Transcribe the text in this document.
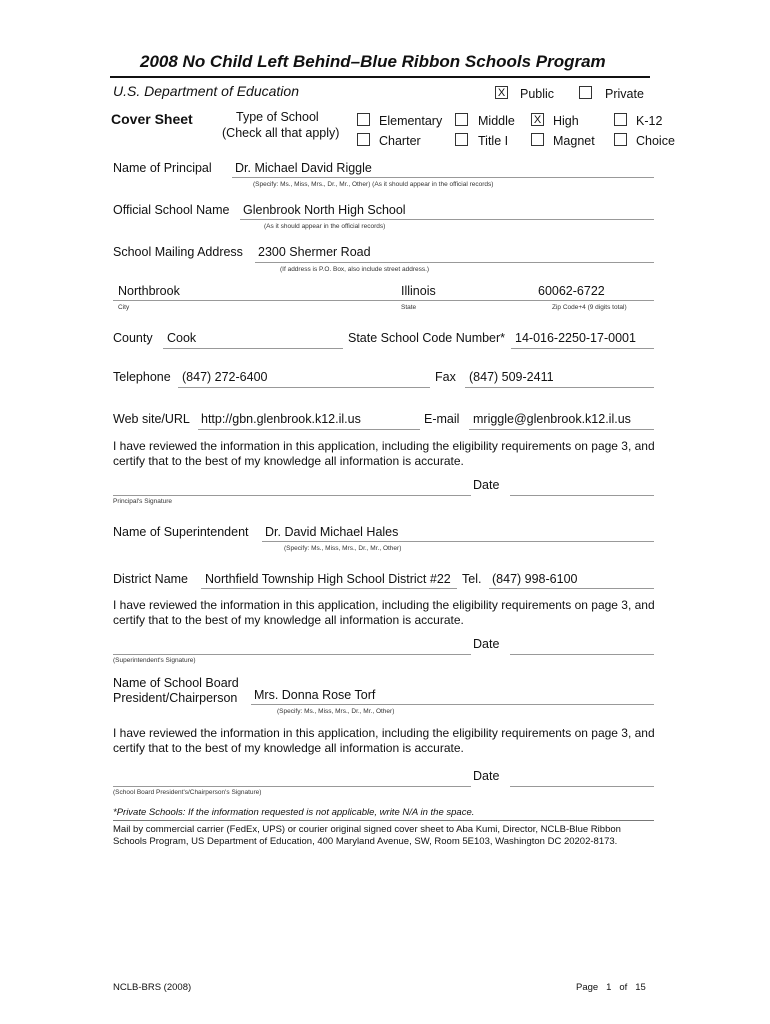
2008 No Child Left Behind–Blue Ribbon Schools Program
U.S. Department of Education	X Public	Private
Cover Sheet	Type of School
(Check all that apply)
Elementary	Middle X High	K-12
Charter	Title I	Magnet	Choice
Name of Principal Dr. Michael David Riggle
(Specify: Ms., Miss, Mrs., Dr., Mr., Other) (As it should appear in the official records)
Official School Name Glenbrook North High School
(As it should appear in the official records)
School Mailing Address 2300 Shermer Road
(If address is P.O. Box, also include street address.)
Northbrook	Illinois	60062-6722
City	State	Zip Code+4 (9 digits total)
County Cook	State School Code Number* 14-016-2250-17-0001
Telephone (847) 272-6400	Fax (847) 509-2411
Web site/URL http://gbn.glenbrook.k12.il.us	E-mail mriggle@glenbrook.k12.il.us
I have reviewed the information in this application, including the eligibility requirements on page 3, and certify that to the best of my knowledge all information is accurate.
Date
Principal's Signature
Name of Superintendent Dr. David Michael Hales
(Specify: Ms., Miss, Mrs., Dr., Mr., Other)
District Name Northfield Township High School District #22 Tel. (847) 998-6100
I have reviewed the information in this application, including the eligibility requirements on page 3, and certify that to the best of my knowledge all information is accurate.
Date
(Superintendent's Signature)
Name of School Board
President/Chairperson Mrs. Donna Rose Torf
(Specify: Ms., Miss, Mrs., Dr., Mr., Other)
I have reviewed the information in this application, including the eligibility requirements on page 3, and certify that to the best of my knowledge all information is accurate.
Date
(School Board President's/Chairperson's Signature)
*Private Schools: If the information requested is not applicable, write N/A in the space.
Mail by commercial carrier (FedEx, UPS) or courier original signed cover sheet to Aba Kumi, Director, NCLB-Blue Ribbon Schools Program, US Department of Education, 400 Maryland Avenue, SW, Room 5E103, Washington DC 20202-8173.
NCLB-BRS (2008)	Page 1 of 15
